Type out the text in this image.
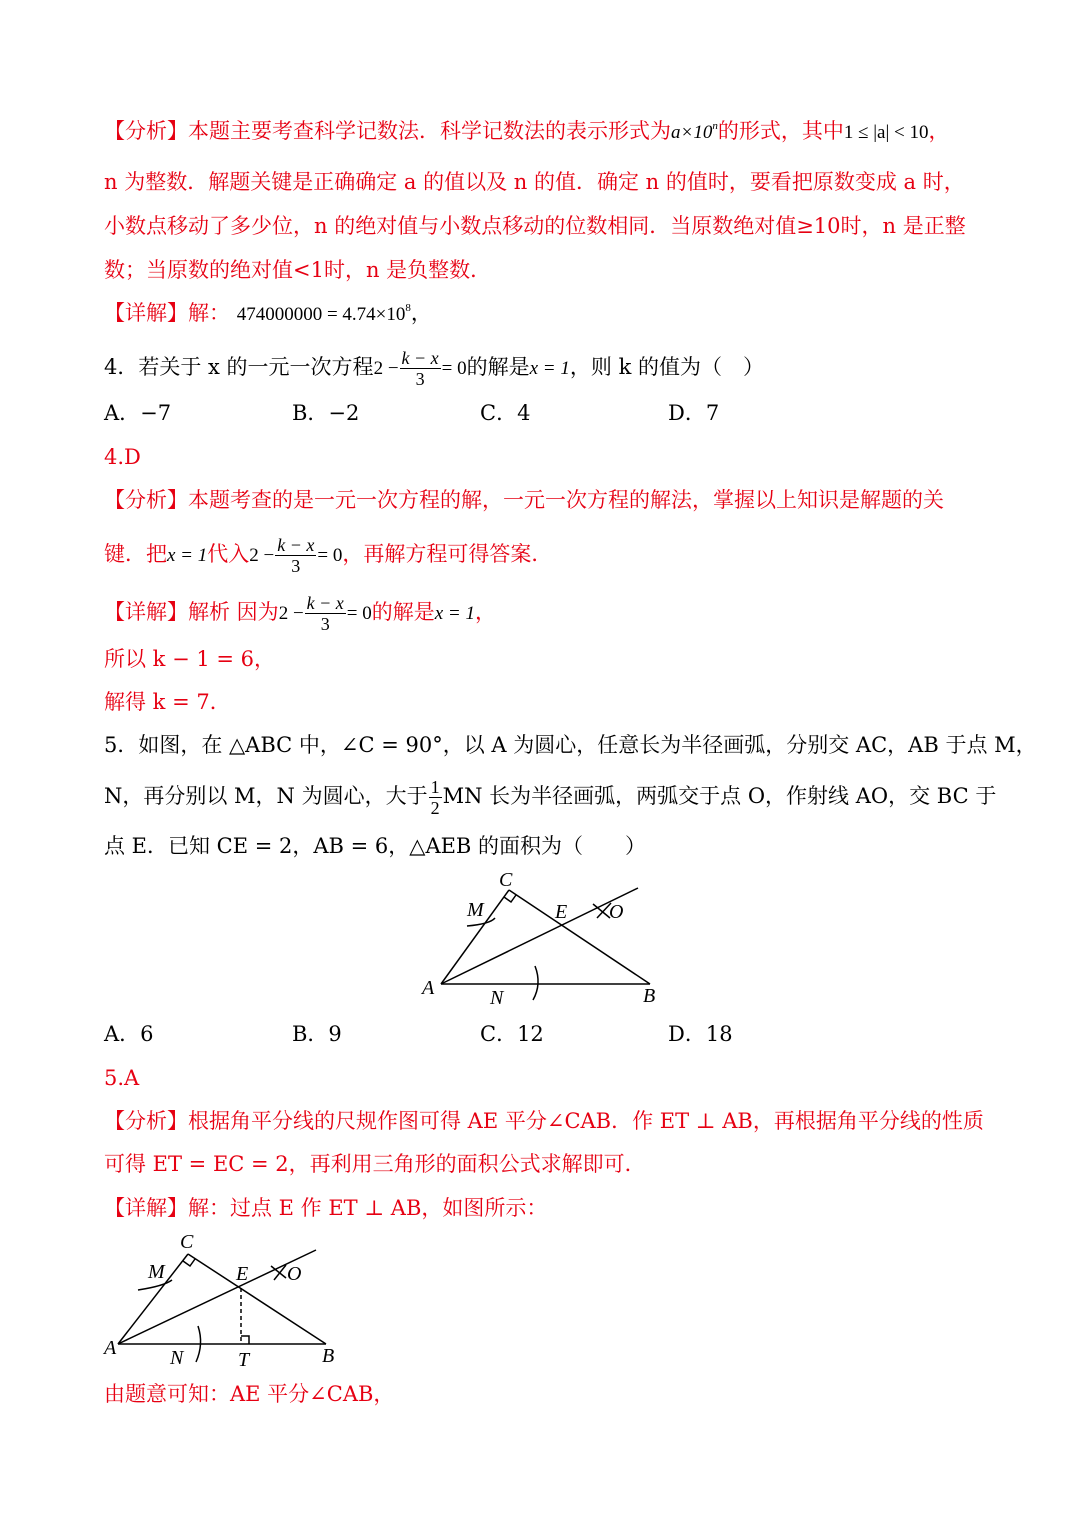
【分析】本题主要考查科学记数法．科学记数法的表示形式为$a\times 10^n$的形式，其中1 ≤ |a| < 10，
n 为整数．解题关键是正确确定 a 的值以及 n 的值．确定 n 的值时，要看把原数变成 a 时，
小数点移动了多少位，n 的绝对值与小数点移动的位数相同．当原数绝对值≥10时，n 是正整
数；当原数的绝对值<1时，n 是负整数．
【详解】解： $474000000 = 4.74\times 10^8$，
4．若关于 x 的一元一次方程$2 - \frac{k - x}{3} = 0$的解是x = 1，则 k 的值为（　）
A．−7	B．−2	C．4	D．7
4.D
【分析】本题考查的是一元一次方程的解，一元一次方程的解法，掌握以上知识是解题的关
键．把x = 1代入$2 - \frac{k - x}{3} = 0$，再解方程可得答案．
【详解】解析 因为$2 - \frac{k - x}{3} = 0$的解是x = 1，
所以 k − 1 = 6，
解得 k = 7．
5．如图，在 △ABC 中，∠C = 90°，以 A 为圆心，任意长为半径画弧，分别交 AC，AB 于点 M，
N，再分别以 M，N 为圆心，大于 $\frac{1}{2}$ MN 长为半径画弧，两弧交于点 O，作射线 AO，交 BC 于
点 E．已知 CE = 2，AB = 6，△AEB 的面积为（　　）
C
M	E O
A	N	B
A．6	B．9	C．12	D．18
5.A
【分析】根据角平分线的尺规作图可得 AE 平分∠CAB．作 ET ⊥ AB，再根据角平分线的性质
可得 ET = EC = 2，再利用三角形的面积公式求解即可．
【详解】解：过点 E 作 ET ⊥ AB，如图所示：
C
M	E O
A	N	T	B
由题意可知：AE 平分∠CAB，
